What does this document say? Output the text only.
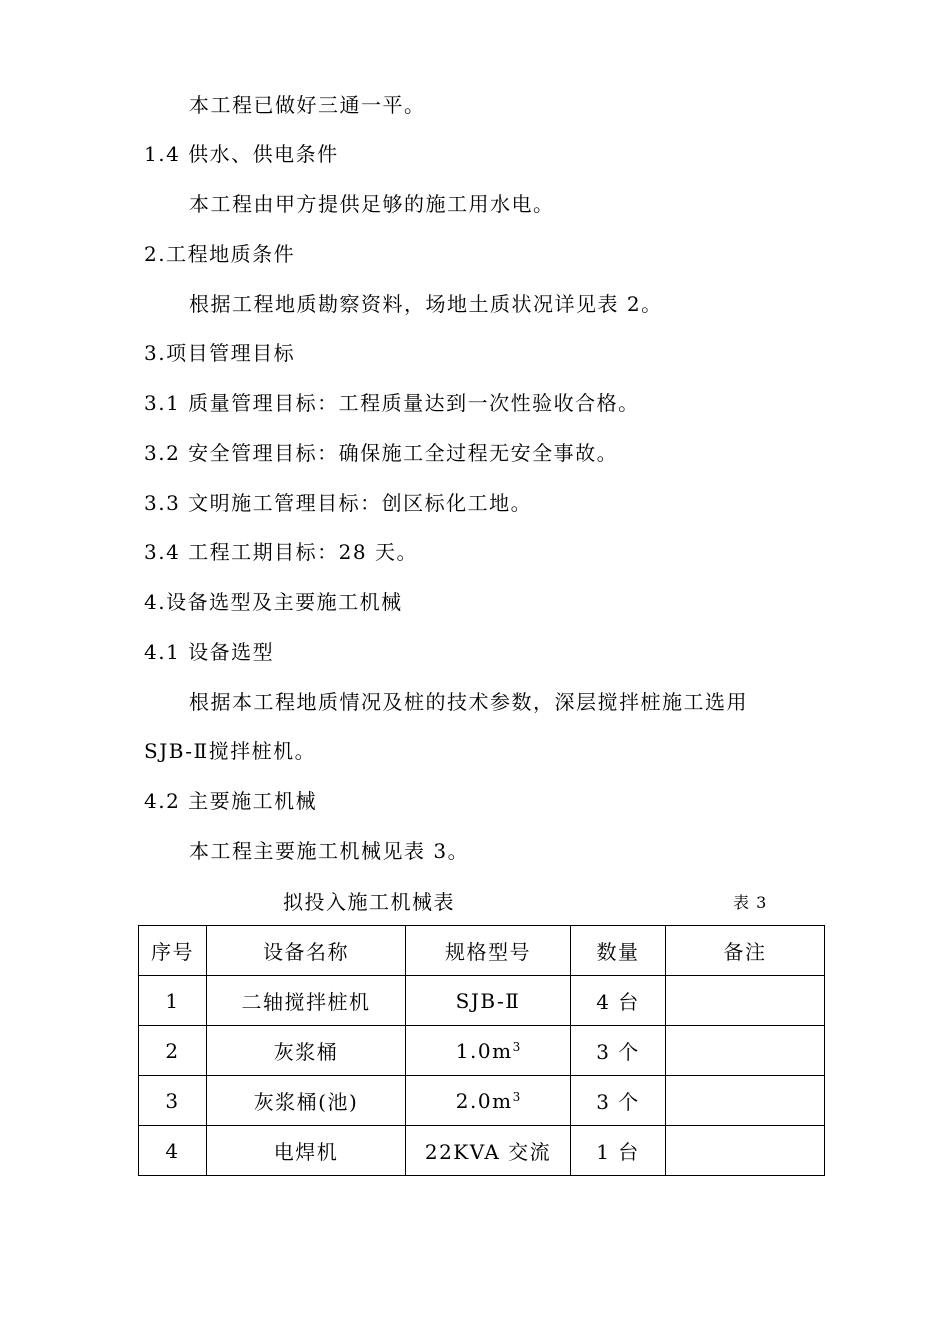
本工程已做好三通一平。
1.4 供水、供电条件
本工程由甲方提供足够的施工用水电。
2.工程地质条件
根据工程地质勘察资料，场地土质状况详见表 2。
3.项目管理目标
3.1 质量管理目标：工程质量达到一次性验收合格。
3.2 安全管理目标：确保施工全过程无安全事故。
3.3 文明施工管理目标：创区标化工地。
3.4 工程工期目标：28 天。
4.设备选型及主要施工机械
4.1 设备选型
根据本工程地质情况及桩的技术参数，深层搅拌桩施工选用
SJB-Ⅱ搅拌桩机。
4.2 主要施工机械
本工程主要施工机械见表 3。
拟投入施工机械表	表 3
序号	设备名称	规格型号	数量	备注
1	二轴搅拌桩机	SJB-Ⅱ	4 台	
2	灰浆桶	$1.0m^3$	3 个	
3	灰浆桶(池)	$2.0m^3$	3 个	
4	电焊机	22KVA 交流	1 台	
